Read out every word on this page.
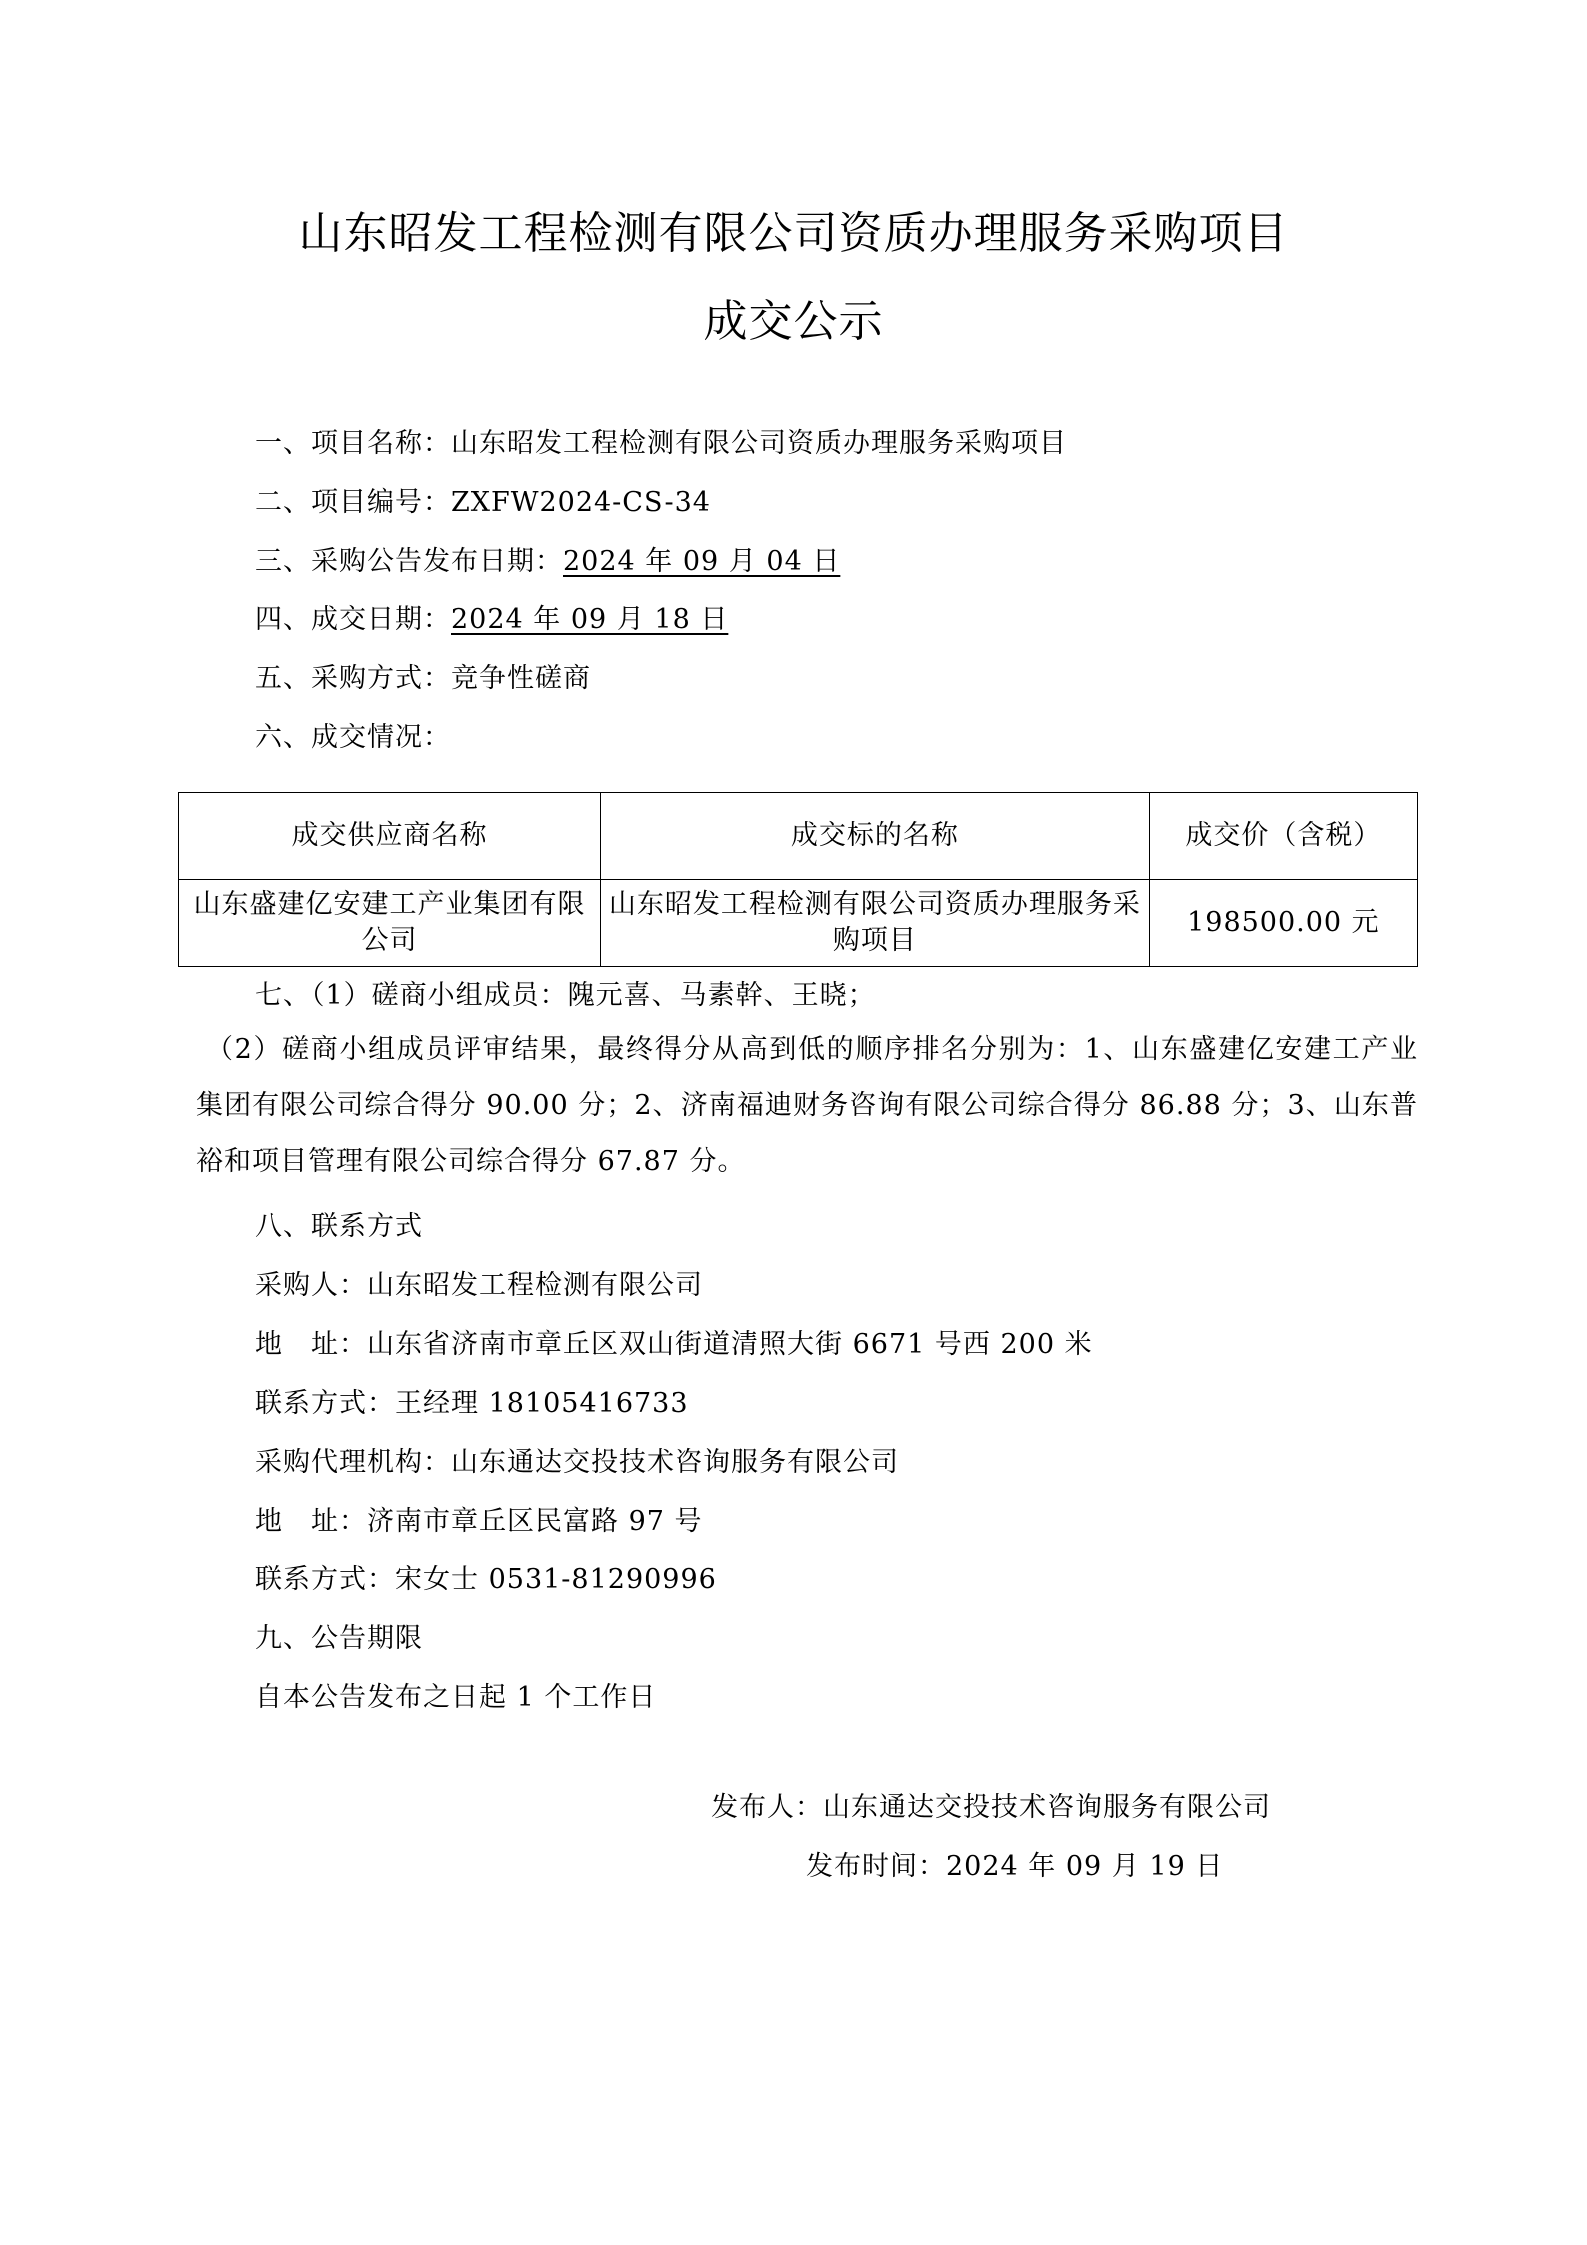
山东昭发工程检测有限公司资质办理服务采购项目
成交公示
一、项目名称：山东昭发工程检测有限公司资质办理服务采购项目
二、项目编号：ZXFW2024-CS-34
三、采购公告发布日期：2024 年 09 月 04 日
四、成交日期：2024 年 09 月 18 日
五、采购方式：竞争性磋商
六、成交情况：
成交供应商名称	成交标的名称	成交价（含税）
山东盛建亿安建工产业集团有限公司	山东昭发工程检测有限公司资质办理服务采购项目	198500.00 元
七、（1）磋商小组成员：隗元喜、马素幹、王晓；
（2）磋商小组成员评审结果，最终得分从高到低的顺序排名分别为：1、山东盛建亿安建工产业集团有限公司综合得分 90.00 分；2、济南福迪财务咨询有限公司综合得分 86.88 分；3、山东普裕和项目管理有限公司综合得分 67.87 分。
八、联系方式
采购人：山东昭发工程检测有限公司
地　址：山东省济南市章丘区双山街道清照大街 6671 号西 200 米
联系方式：王经理 18105416733
采购代理机构：山东通达交投技术咨询服务有限公司
地　址：济南市章丘区民富路 97 号
联系方式：宋女士 0531-81290996
九、公告期限
自本公告发布之日起 1 个工作日
发布人：山东通达交投技术咨询服务有限公司
发布时间：2024 年 09 月 19 日
